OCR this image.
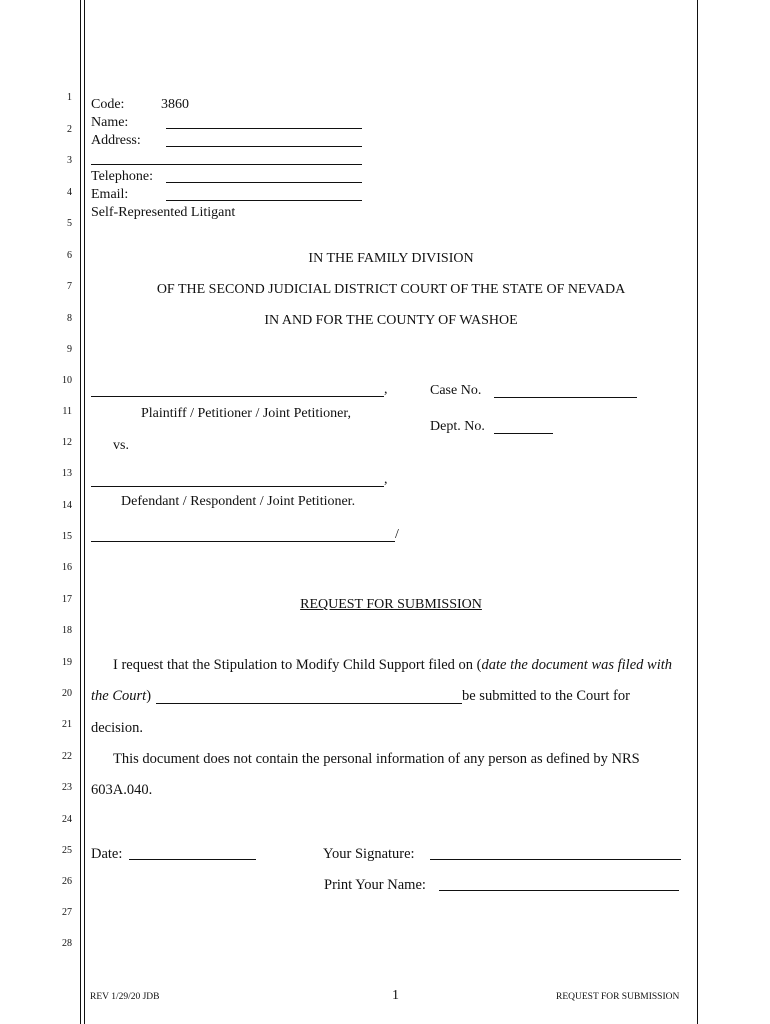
1
2
3
4
5
6
7
8
9
10
11
12
13
14
15
16
17
18
19
20
21
22
23
24
25
26
27
28
Code:	3860
Name:
Address:
Telephone:
Email:
Self-Represented Litigant
IN THE FAMILY DIVISION
OF THE SECOND JUDICIAL DISTRICT COURT OF THE STATE OF NEVADA
IN AND FOR THE COUNTY OF WASHOE
,
Plaintiff / Petitioner / Joint Petitioner,
vs.
,
Defendant / Respondent / Joint Petitioner.
/
Case No.
Dept. No.
REQUEST FOR SUBMISSION
I request that the Stipulation to Modify Child Support filed on (date the document was filed with
the Court)	be submitted to the Court for
decision.
This document does not contain the personal information of any person as defined by NRS
603A.040.
Date:	Your Signature:
Print Your Name:
REV 1/29/20 JDB	1	REQUEST FOR SUBMISSION
